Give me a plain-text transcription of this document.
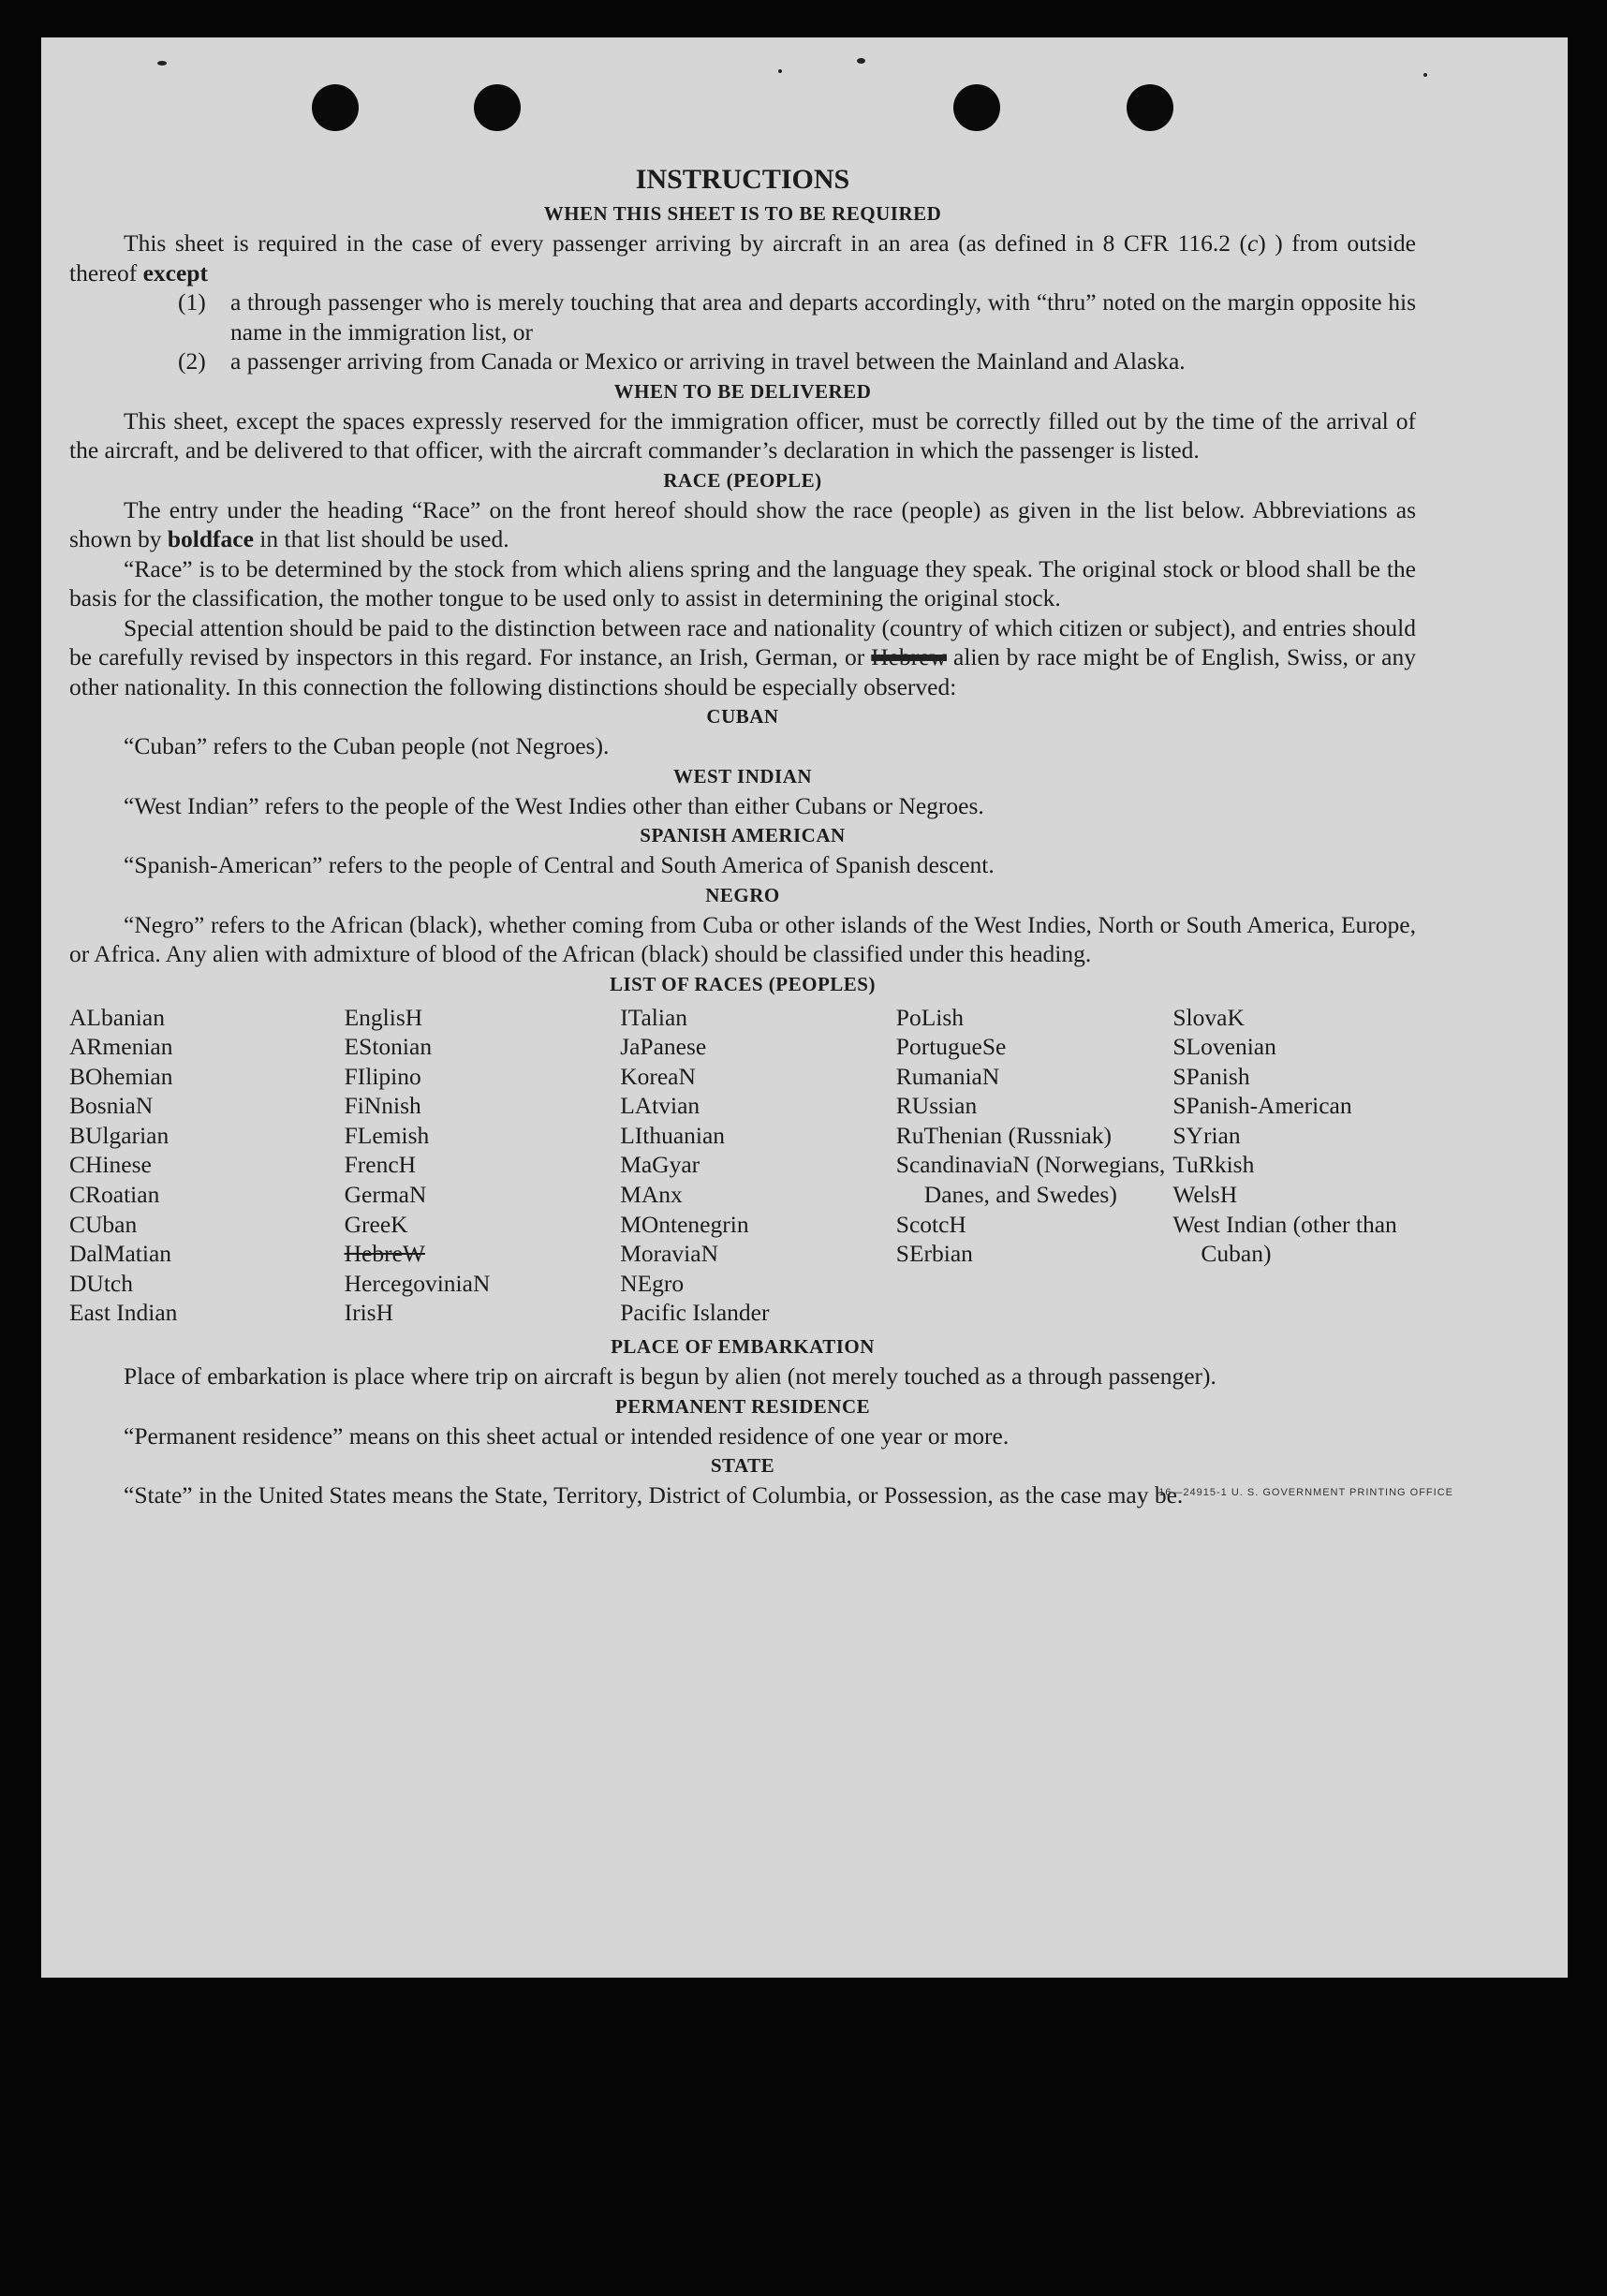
INSTRUCTIONS

WHEN THIS SHEET IS TO BE REQUIRED

This sheet is required in the case of every passenger arriving by aircraft in an area (as defined in 8 CFR 116.2 (c) ) from outside thereof except

(1)	a through passenger who is merely touching that area and departs accordingly, with “thru” noted on the margin opposite his name in the immigration list, or
(2)	a passenger arriving from Canada or Mexico or arriving in travel between the Mainland and Alaska.

WHEN TO BE DELIVERED

This sheet, except the spaces expressly reserved for the immigration officer, must be correctly filled out by the time of the arrival of the aircraft, and be delivered to that officer, with the aircraft commander’s declaration in which the passenger is listed.

RACE (PEOPLE)

The entry under the heading “Race” on the front hereof should show the race (people) as given in the list below. Abbreviations as shown by boldface in that list should be used.

“Race” is to be determined by the stock from which aliens spring and the language they speak. The original stock or blood shall be the basis for the classification, the mother tongue to be used only to assist in determining the original stock.

Special attention should be paid to the distinction between race and nationality (country of which citizen or subject), and entries should be carefully revised by inspectors in this regard. For instance, an Irish, German, or Hebrew alien by race might be of English, Swiss, or any other nationality. In this connection the following distinctions should be especially observed:

CUBAN

“Cuban” refers to the Cuban people (not Negroes).

WEST INDIAN

“West Indian” refers to the people of the West Indies other than either Cubans or Negroes.

SPANISH AMERICAN

“Spanish-American” refers to the people of Central and South America of Spanish descent.

NEGRO

“Negro” refers to the African (black), whether coming from Cuba or other islands of the West Indies, North or South America, Europe, or Africa. Any alien with admixture of blood of the African (black) should be classified under this heading.

LIST OF RACES (PEOPLES)

ALbanian
ARmenian
BOhemian
BosniaN
BUlgarian
CHinese
CRoatian
CUban
DalMatian
DUtch
East Indian
EnglisH
EStonian
FIlipino
FiNnish
FLemish
FrencH
GermaN
GreeK
HebreW
HercegoviniaN
IrisH
ITalian
JaPanese
KoreaN
LAtvian
LIthuanian
MaGyar
MAnx
MOntenegrin
MoraviaN
NEgro
Pacific Islander
PoLish
PortugueSe
RumaniaN
RUssian
RuThenian (Russniak)
ScandinaviaN (Norwegians, Danes, and Swedes)
ScotcH
SErbian
SlovaK
SLovenian
SPanish
SPanish-American
SYrian
TuRkish
WelsH
West Indian (other than Cuban)

PLACE OF EMBARKATION

Place of embarkation is place where trip on aircraft is begun by alien (not merely touched as a through passenger).

PERMANENT RESIDENCE

“Permanent residence” means on this sheet actual or intended residence of one year or more.

STATE

“State” in the United States means the State, Territory, District of Columbia, or Possession, as the case may be.

16—24915-1 U. S. GOVERNMENT PRINTING OFFICE
